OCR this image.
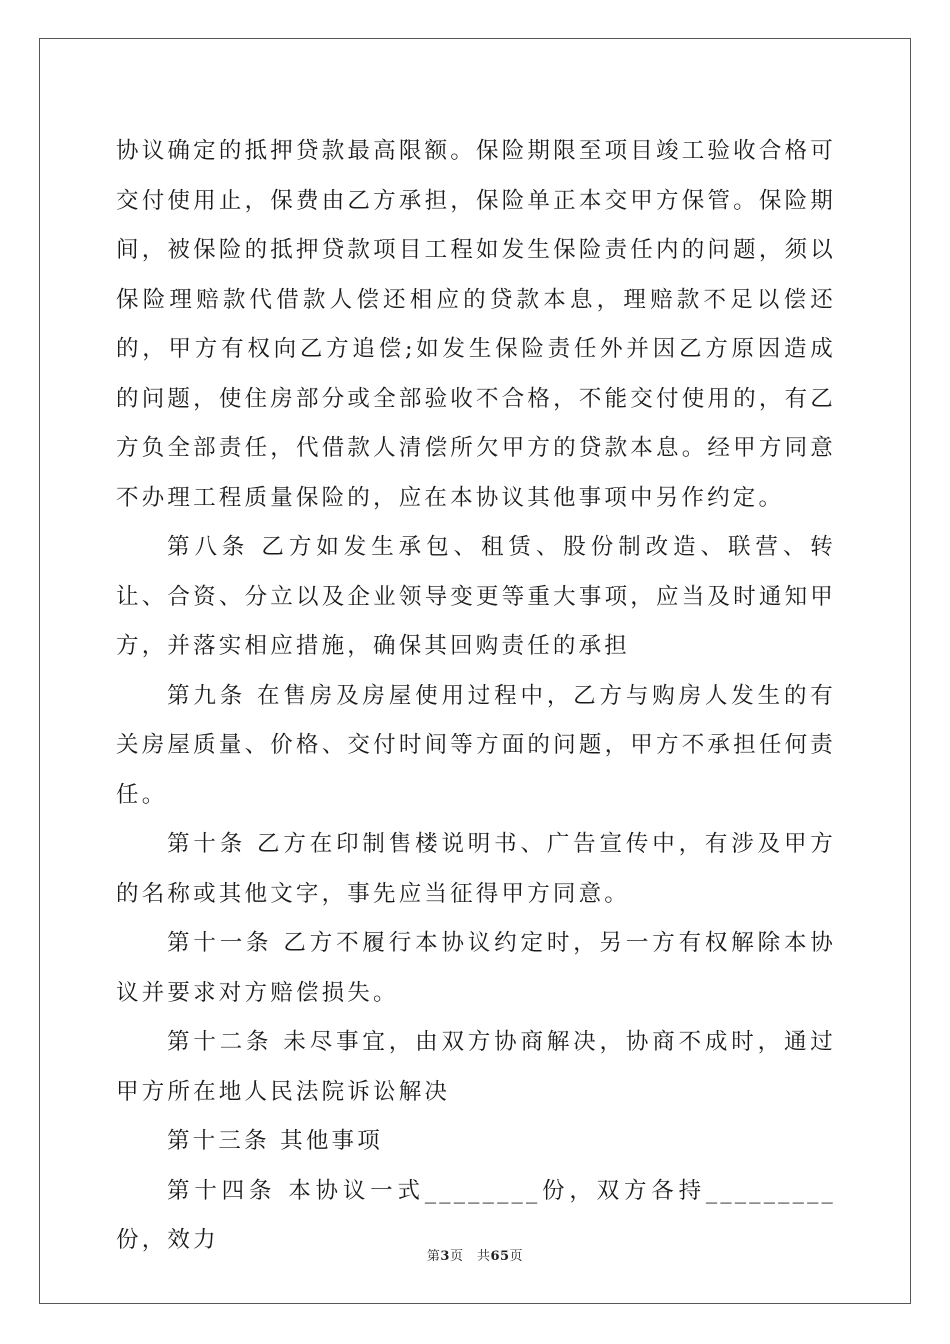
协议确定的抵押贷款最高限额。保险期限至项目竣工验收合格可交付使用止，保费由乙方承担，保险单正本交甲方保管。保险期间，被保险的抵押贷款项目工程如发生保险责任内的问题，须以保险理赔款代借款人偿还相应的贷款本息，理赔款不足以偿还的，甲方有权向乙方追偿;如发生保险责任外并因乙方原因造成的问题，使住房部分或全部验收不合格，不能交付使用的，有乙方负全部责任，代借款人清偿所欠甲方的贷款本息。经甲方同意不办理工程质量保险的，应在本协议其他事项中另作约定。

第八条 乙方如发生承包、租赁、股份制改造、联营、转让、合资、分立以及企业领导变更等重大事项，应当及时通知甲方，并落实相应措施，确保其回购责任的承担

第九条 在售房及房屋使用过程中，乙方与购房人发生的有关房屋质量、价格、交付时间等方面的问题，甲方不承担任何责任。

第十条 乙方在印制售楼说明书、广告宣传中，有涉及甲方的名称或其他文字，事先应当征得甲方同意。

第十一条 乙方不履行本协议约定时，另一方有权解除本协议并要求对方赔偿损失。

第十二条 未尽事宜，由双方协商解决，协商不成时，通过甲方所在地人民法院诉讼解决

第十三条 其他事项

第十四条 本协议一式________份，双方各持_________份，效力

第3页　共65页
